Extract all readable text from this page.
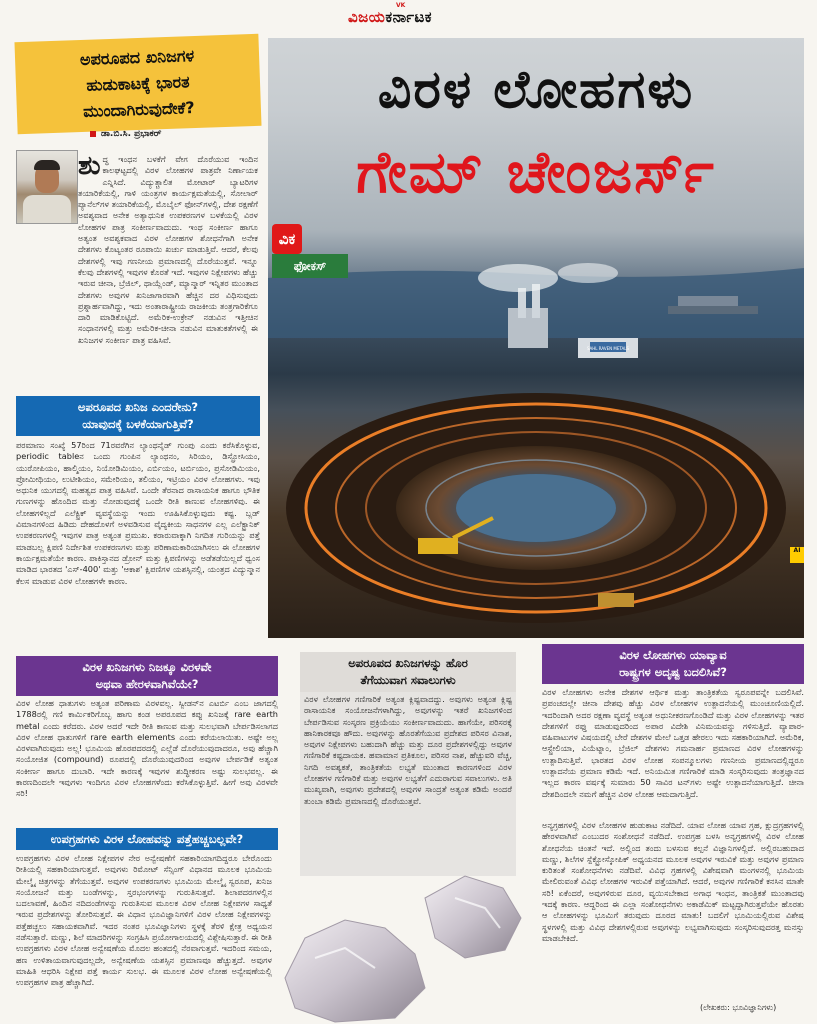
VK
ವಿಜಯಕರ್ನಾಟಕ
ಅಪರೂಪದ ಖನಿಜಗಳ
ಹುಡುಕಾಟಕ್ಕೆ ಭಾರತ
ಮುಂದಾಗಿರುವುದೇಕೆ?
SAHL RAVEN METALS
ವಿರಳ ಲೋಹಗಳು
ಗೇಮ್ ಚೇಂಜರ್ಸ್
AI
ವಿಕ
ಫೋಕಸ್
ಡಾ.ಬಿ.ಸಿ. ಪ್ರಭಾಕರ್

ಶುದ್ಧ ಇಂಧನ ಬಳಕೆಗೆ ವೇಗ ದೊರೆಯುವ ಇಂದಿನ ಕಾಲಘಟ್ಟದಲ್ಲಿ ವಿರಳ ಲೋಹಗಳ ಪಾತ್ರವೇ ನಿರ್ಣಾಯಕ ಎನ್ನಿಸಿದೆ. ವಿದ್ಯುತ್ಚಾಲಿತ ಮೋಟಾರ್ ಬ್ಯಾಟರಿಗಳ ತಯಾರಿಕೆಯಲ್ಲಿ, ಗಾಳಿ ಯಂತ್ರಗಳ ಕಾರ್ಯಕ್ಷಮತೆಯಲ್ಲಿ, ಸೋಲಾರ್ ಪ್ಯಾನೆಲ್‌ಗಳ ತಯಾರಿಕೆಯಲ್ಲಿ, ಮೊಬೈಲ್ ಫೋನ್‌ಗಳಲ್ಲಿ, ದೇಶ ರಕ್ಷಣೆಗೆ ಅವಶ್ಯವಾದ ಅನೇಕ ಅತ್ಯಾಧುನಿಕ ಉಪಕರಣಗಳ ಬಳಕೆಯಲ್ಲಿ ವಿರಳ ಲೋಹಗಳ ಪಾತ್ರ ಸಂಕೀರ್ಣವಾದುದು. ಇಂಥ ಸಂಕೀರ್ಣ ಹಾಗೂ ಅತ್ಯಂತ ಅವಶ್ಯಕವಾದ ವಿರಳ ಲೋಹಗಳ ಶೋಧನೆಗಾಗಿ ಅನೇಕ ದೇಶಗಳು ಕೊಟ್ಯಂತರ ರೂಪಾಯಿ ಖರ್ಚು ಮಾಡುತ್ತಿವೆ. ಆದರೆ, ಕೆಲವು ದೇಶಗಳಲ್ಲಿ ಇವು ಗಣನೀಯ ಪ್ರಮಾಣದಲ್ಲಿ ದೊರೆಯುತ್ತವೆ. ಇನ್ನೂ ಕೆಲವು ದೇಶಗಳಲ್ಲಿ ಇವುಗಳ ಕೊರತೆ ಇದೆ. ಇವುಗಳ ನಿಕ್ಷೇಪಗಳು ಹೆಚ್ಚು ಇರುವ ಚೀನಾ, ಬ್ರೆಜಿಲ್, ಥಾಯ್ಲೆಂಡ್, ಮ್ಯಾನ್ಮಾರ್ ಇನ್ನಿತರ ಮುಂತಾದ ದೇಶಗಳು ಅವುಗಳ ಖನಿಜಾಗಾರವಾಗಿ ಹೆಚ್ಚಿನ ದರ ವಿಧಿಸುವುದು ಪ್ರಶ್ನಾರ್ಹವಾಗಿದ್ದು, ಇದು ಅಂತಾರಾಷ್ಟ್ರೀಯ ರಾಜಕೀಯ ತಂತ್ರಗಾರಿಕೆಗೂ ದಾರಿ ಮಾಡಿಕೊಟ್ಟಿದೆ. ಅಮೆರಿಕ-ಉಕ್ರೇನ್ ನಡುವಿನ ಇತ್ತೀಚಿನ ಸಂಧಾನಗಳಲ್ಲಿ ಮತ್ತು ಅಮೆರಿಕ-ಚೀನಾ ನಡುವಿನ ಮಾತುಕತೆಗಳಲ್ಲಿ ಈ ಖನಿಜಗಳ ಸಂಕೀರ್ಣ ಪಾತ್ರ ವಹಿಸಿವೆ.

ಅಪರೂಪದ ಖನಿಜ ಎಂದರೇನು?
ಯಾವುದಕ್ಕೆ ಬಳಕೆಯಾಗುತ್ತಿವೆ?

ಪರಮಾಣು ಸಂಖ್ಯೆ 57ರಿಂದ 71ರವರೆಗಿನ ಲ್ಯಾಂಥನೈಡ್ ಗುಂಪು ಎಂದು ಕರೆಸಿಕೊಳ್ಳುವ, periodic tableನ ಒಂದು ಗುಂಪಿನ ಲ್ಯಾಂಥನಂ, ಸಿರಿಯಂ, ಡಿಸ್ಪ್ರೋಸಿಯಂ, ಯುರೋಪಿಯಂ, ಹಾಲ್ಮಿಯಂ, ನಿಯೋಡಿಮಿಯಂ, ಎರ್ಬಿಯಂ, ಟರ್ಬಿಯಂ, ಪ್ರಸೋಡಿಮಿಯಂ, ಪ್ರೋಮೀಥಿಯಂ, ಲುಟೀಶಿಯಂ, ಸಮೇರಿಯಂ, ತಲಿಯಂ, ಇಟ್ರಿಯಂ ವಿರಳ ಲೋಹಗಳು. ಇವು ಅಧುನಿಕ ಯುಗದಲ್ಲಿ ಮಹತ್ವದ ಪಾತ್ರ ವಹಿಸಿವೆ. ಒಂದೇ ತೆರನಾದ ರಾಸಾಯನಿಕ ಹಾಗೂ ಭೌತಿಕ ಗುಣಗಳನ್ನು ಹೊಂದಿದ ಮತ್ತು ನೋಡುವುದಕ್ಕೆ ಒಂದೇ ರೀತಿ ಕಾಣುವ ಲೋಹಗಳಿವು. ಈ ಲೋಹಗಳಿಲ್ಲದೆ ಎಲೆಕ್ಟ್ರಿಕ್ ವ್ಯವಸ್ಥೆಯನ್ನು ಇಂದು ಊಹಿಸಿಕೊಳ್ಳುವುದು ಕಷ್ಟ. ಬ್ಲಡ್ ವಿಮಾನಗಳಿಂದ ಹಿಡಿದು ದೇಹದೊಳಗೆ ಅಳವಡಿಸುವ ವೈದ್ಯಕೀಯ ಸಾಧನಗಳ ಎಲ್ಲ ಎಲೆಕ್ಟ್ರಾನಿಕ್ ಉಪಕರಣಗಳಲ್ಲಿ ಇವುಗಳ ಪಾತ್ರ ಅತ್ಯಂತ ಪ್ರಮುಖ. ಕರಾರುವಾಕ್ಕಾಗಿ ನಿಗದಿತ ಗುರಿಯನ್ನು ಪತ್ತೆ ಮಾಡಬಲ್ಲ ಕ್ಷಿಪಣಿ ನಿರ್ದೇಶಿತ ಉಪಕರಣಗಳು ಮತ್ತು ಪರಿಣಾಮಕಾರಿಯಾಗಿಸಲು ಈ ಲೋಹಗಳ ಕಾರ್ಯಕ್ಷಮತೆಯೇ ಕಾರಣ. ಪಾಕಿಸ್ತಾನದ ಡ್ರೋನ್ ಮತ್ತು ಕ್ಷಿಪಣಿಗಳನ್ನು ಅಡೆತಡೆಯಿಲ್ಲದೆ ಧ್ವಂಸ ಮಾಡಿದ ಭಾರತದ 'ಎಸ್-400' ಮತ್ತು 'ಆಕಾಶ' ಕ್ಷಿಪಣಿಗಳ ಯಶಸ್ಸಿನಲ್ಲಿ, ಯಂತ್ರದ ವಿದ್ಯುನ್ಮಾನ ಕೆಲಸ ಮಾಡುವ ವಿರಳ ಲೋಹಗಳೇ ಕಾರಣ.

ವಿರಳ ಖನಿಜಗಳು ನಿಜಕ್ಕೂ ವಿರಳವೇ
ಅಥವಾ ಹೇರಳವಾಗಿವೆಯೇ?

ವಿರಳ ಲೋಹ ಧಾತುಗಳು ಅತ್ಯಂತ ಪರಿಣಾಮ ವಿರಳವಲ್ಲ. ಸ್ವೀಡನ್‌ನ ಎಟರ್ಬಿ ಎಂಬ ಜಾಗದಲ್ಲಿ 1788ರಲ್ಲಿ ಗಣಿ ಕಾರ್ಮಿಕರಿಗೊಬ್ಬ ಹಾಗು ಕಂಡ ಅಪರೂಪದ ಕಪ್ಪು ಖನಿಜಕ್ಕೆ rare earth metal ಎಂದು ಕರೆದರು. ವಿರಳ ಅದರೆ ಇದೇ ರೀತಿ ಕಾಣುವ ಮತ್ತು ಸುಲಭವಾಗಿ ಬೇರ್ಪಡಿಸಲಾಗದ ವಿರಳ ಲೋಹ ಧಾತುಗಳಿಗೆ rare earth elements ಎಂದು ಕರೆಯಲಾಯಿತು. ಅಷ್ಟೇ ಅಲ್ಲ ವಿರಳವಾಗಿರುವುದು ಅಲ್ಲ! ಭೂಮಿಯ ಹೊರಪದರದಲ್ಲಿ ಎಲ್ಲೆಡೆ ದೊರೆಯುವುದಾದರೂ, ಅವು ಹೆಚ್ಚಾಗಿ ಸಂಯೋಜಿತ (compound) ರೂಪದಲ್ಲಿ ದೊರೆಯುವುದರಿಂದ ಅವುಗಳ ಬೇರ್ಪಡಿಕೆ ಅತ್ಯಂತ ಸಂಕೀರ್ಣ ಹಾಗೂ ದುಬಾರಿ. ಇದೇ ಕಾರಣಕ್ಕೆ ಇವುಗಳ ಶುದ್ಧೀಕರಣ ಅಷ್ಟು ಸುಲಭವಲ್ಲ. ಈ ಕಾರಣದಿಂದಲೇ ಇವುಗಳು ಇಂದಿಗೂ ವಿರಳ ಲೋಹಗಳೆಂದು ಕರೆಸಿಕೊಳ್ಳುತ್ತಿವೆ. ಹೀಗೆ ಅವು ವಿರಳವೇ ಸರಿ!

ಉಪಗ್ರಹಗಳು ವಿರಳ ಲೋಹವನ್ನು ಪತ್ತೆಹಚ್ಚಬಲ್ಲವೇ?

ಉಪಗ್ರಹಗಳು ವಿರಳ ಲೋಹ ನಿಕ್ಷೇಪಗಳ ನೇರ ಅನ್ವೇಷಣೆಗೆ ಸಹಕಾರಿಯಾಗದಿದ್ದರೂ ಬೇರೊಂದು ರೀತಿಯಲ್ಲಿ ಸಹಕಾರಿಯಾಗುತ್ತವೆ. ಅವುಗಳು ರಿಮೋಟ್ ಸೆನ್ಸಿಂಗ್ ವಿಧಾನದ ಮೂಲಕ ಭೂಮಿಯ ಮೇಲ್ಮೈ ಚಿತ್ರಗಳನ್ನು ತೆಗೆಯುತ್ತವೆ. ಅವುಗಳ ಉಪಕರಣಗಳು ಭೂಮಿಯ ಮೇಲ್ಮೈ ಸ್ವರೂಪ, ಖನಿಜ ಸಂಯೋಜನೆ ಮತ್ತು ಬಂಡೆಗಳನ್ನು, ಸ್ತರಭಂಗಗಳನ್ನು ಗುರುತಿಸುತ್ತವೆ. ಶಿಲಾಪದರಗಳಲ್ಲಿನ ಬದಲಾವಣೆ, ಹಿಂದಿನ ನದಿದಂಡೆಗಳನ್ನು ಗುರುತಿಸುವ ಮೂಲಕ ವಿರಳ ಲೋಹ ನಿಕ್ಷೇಪಗಳ ಸಾಧ್ಯತೆ ಇರುವ ಪ್ರದೇಶಗಳನ್ನು ತೋರಿಸುತ್ತವೆ. ಈ ವಿಧಾನ ಭೂವಿಜ್ಞಾನಿಗಳಿಗೆ ವಿರಳ ಲೋಹ ನಿಕ್ಷೇಪಗಳನ್ನು ಪತ್ತೆಹಚ್ಚಲು ಸಹಾಯಕವಾಗಿವೆ. ಇದರ ನಂತರ ಭೂವಿಜ್ಞಾನಿಗಳು ಸ್ಥಳಕ್ಕೆ ತೆರಳಿ ಕ್ಷೇತ್ರ ಅಧ್ಯಯನ ನಡೆಸುತ್ತಾರೆ. ಮಣ್ಣು, ಶಿಲೆ ಮಾದರಿಗಳನ್ನು ಸಂಗ್ರಹಿಸಿ ಪ್ರಯೋಗಾಲಯದಲ್ಲಿ ವಿಶ್ಲೇಷಿಸುತ್ತಾರೆ. ಈ ರೀತಿ ಉಪಗ್ರಹಗಳು ವಿರಳ ಲೋಹ ಅನ್ವೇಷಣೆಯ ಮೊದಲ ಹಂತದಲ್ಲಿ ನೆರವಾಗುತ್ತವೆ. ಇದರಿಂದ ಸಮಯ, ಹಣ ಉಳಿತಾಯವಾಗುವುದಲ್ಲದೇ, ಅನ್ವೇಷಣೆಯ ಯಶಸ್ಸಿನ ಪ್ರಮಾಣವೂ ಹೆಚ್ಚುತ್ತದೆ. ಅವುಗಳ ಮಾಹಿತಿ ಆಧರಿಸಿ ನಿಕ್ಷೇಪ ಪತ್ತೆ ಕಾರ್ಯ ಸುಲಭ. ಈ ಮೂಲಕ ವಿರಳ ಲೋಹ ಅನ್ವೇಷಣೆಯಲ್ಲಿ ಉಪಗ್ರಹಗಳ ಪಾತ್ರ ಹೆಚ್ಚಾಗಿದೆ.

ಅಪರೂಪದ ಖನಿಜಗಳನ್ನು ಹೊರ
ತೆಗೆಯುವಾಗ ಸವಾಲುಗಳು

ವಿರಳ ಲೋಹಗಳ ಗಣಿಗಾರಿಕೆ ಅತ್ಯಂತ ಕ್ಲಿಷ್ಟವಾದದ್ದು. ಅವುಗಳು ಅತ್ಯಂತ ಕ್ಲಿಷ್ಟ ರಾಸಾಯನಿಕ ಸಂಯೋಜನೆಗಳಾಗಿದ್ದು, ಅವುಗಳನ್ನು ಇತರೆ ಖನಿಜಗಳಿಂದ ಬೇರ್ಪಡಿಸುವ ಸಂಸ್ಕರಣ ಪ್ರಕ್ರಿಯೆಯು ಸಂಕೀರ್ಣವಾದುದು. ಹಾಗೆಯೇ, ಪರಿಸರಕ್ಕೆ ಹಾನಿಕಾರಕವೂ ಹೌದು. ಅವುಗಳನ್ನು ಹೊರತೆಗೆಯುವ ಪ್ರದೇಶದ ಪರಿಸರ ವಿನಾಶ, ಅವುಗಳ ನಿಕ್ಷೇಪಗಳು ಬಹುದಾಗಿ ಹೆಚ್ಚು ಮತ್ತು ದೂರ ಪ್ರದೇಶಗಳಲ್ಲಿದ್ದು ಅವುಗಳ ಗಣಿಗಾರಿಕೆ ಕಷ್ಟದಾಯಕ. ಹವಾಮಾನ ಪ್ರತಿಕೂಲ, ಪರಿಸರ ನಾಶ, ಹೆಚ್ಚುವರಿ ವೆಚ್ಚ, ನಿಗದಿ ಅವಶ್ಯಕತೆ, ತಾಂತ್ರಿಕತೆಯ ಲಭ್ಯತೆ ಮುಂತಾದ ಕಾರಣಗಳಿಂದ ವಿರಳ ಲೋಹಗಳ ಗಣಿಗಾರಿಕೆ ಮತ್ತು ಅವುಗಳ ಲಭ್ಯತೆಗೆ ಎದುರಾಗುವ ಸವಾಲುಗಳು. ಅತಿ ಮುಖ್ಯವಾಗಿ, ಅವುಗಳು ಪ್ರದೇಶದಲ್ಲಿ ಅವುಗಳ ಸಾಂದ್ರತೆ ಅತ್ಯಂತ ಕಡಿಮೆ ಅಂದರೆ ತುಂಬಾ ಕಡಿಮೆ ಪ್ರಮಾಣದಲ್ಲಿ ದೊರೆಯುತ್ತವೆ.

ವಿರಳ ಲೋಹಗಳು ಯಾವ್ಯಾವ
ರಾಷ್ಟ್ರಗಳ ಅದೃಷ್ಟ ಬದಲಿಸಿವೆ?

ವಿರಳ ಲೋಹಗಳು ಅನೇಕ ದೇಶಗಳ ಆರ್ಥಿಕ ಮತ್ತು ತಾಂತ್ರಿಕತೆಯ ಸ್ವರೂಪವನ್ನೇ ಬದಲಿಸಿವೆ. ಪ್ರಪಂಚದಲ್ಲೇ ಚೀನಾ ದೇಶವು ಹೆಚ್ಚು ವಿರಳ ಲೋಹಗಳ ಉತ್ಪಾದನೆಯಲ್ಲಿ ಮುಂಚೂಣಿಯಲ್ಲಿದೆ. ಇದರಿಂದಾಗಿ ಅದರ ರಕ್ಷಣಾ ವ್ಯವಸ್ಥೆ ಅತ್ಯಂತ ಅಧುನೀಕರಣಗೊಂಡಿದೆ ಮತ್ತು ವಿರಳ ಲೋಹಗಳನ್ನು ಇತರ ದೇಶಗಳಿಗೆ ರಫ್ತು ಮಾಡುವುದರಿಂದ ಅಪಾರ ವಿದೇಶಿ ವಿನಿಮಯವನ್ನು ಗಳಿಸುತ್ತಿದೆ. ವ್ಯಾಪಾರ- ವಹಿವಾಟುಗಳ ವಿಷಯದಲ್ಲಿ ಬೇರೆ ದೇಶಗಳ ಮೇಲೆ ಒತ್ತಡ ಹೇರಲು ಇದು ಸಹಕಾರಿಯಾಗಿದೆ. ಅಮೆರಿಕ, ಆಸ್ಟ್ರೇಲಿಯಾ, ವಿಯೆಟ್ನಾಂ, ಬ್ರೆಜಿಲ್ ದೇಶಗಳು ಗಮನಾರ್ಹ ಪ್ರಮಾಣದ ವಿರಳ ಲೋಹಗಳನ್ನು ಉತ್ಪಾದಿಸುತ್ತಿವೆ. ಭಾರತದ ವಿರಳ ಲೋಹ ಸಂಪನ್ಮೂಲಗಳು ಗಣನೀಯ ಪ್ರಮಾಣದಲ್ಲಿದ್ದರೂ ಉತ್ಪಾದನೆಯ ಪ್ರಮಾಣ ಕಡಿಮೆ ಇದೆ. ಅನಿಯಮಿತ ಗಣಿಗಾರಿಕೆ ಮಾಡಿ ಸಂಸ್ಕರಿಸುವುದು ತಂತ್ರಜ್ಞಾನದ ಇಲ್ಲದ ಕಾರಣ ವರ್ಷಕ್ಕೆ ಸುಮಾರು 50 ಸಾವಿರ ಟನ್‌ಗಳು ಅಷ್ಟೇ ಉತ್ಪಾದನೆಯಾಗುತ್ತಿದೆ. ಚೀನಾ ದೇಶದಿಂದಲೇ ನಮಗೆ ಹೆಚ್ಚಿನ ವಿರಳ ಲೋಹ ಆಮದಾಗುತ್ತಿದೆ.

ಅನ್ಯಗ್ರಹಗಳಲ್ಲಿ ವಿರಳ ಲೋಹಗಳ ಹುಡುಕಾಟ ನಡೆದಿದೆ. ಯಾವ ಲೋಹ ಯಾವ ಗ್ರಹ, ಕ್ಷುದ್ರಗ್ರಹಗಳಲ್ಲಿ ಹೇರಳವಾಗಿವೆ ಎಂಬುದರ ಸಂಶೋಧನೆ ನಡೆದಿದೆ. ಉಪಗ್ರಹ ಬಳಸಿ ಅನ್ಯಗ್ರಹಗಳಲ್ಲಿ ವಿರಳ ಲೋಹ ಶೋಧನೆಯ ಚಿಂತನೆ ಇದೆ. ಅಲ್ಲಿಂದ ತಂದು ಬಳಸುವ ಕಲ್ಪನೆ ವಿಜ್ಞಾನಿಗಳಲ್ಲಿದೆ. ಅಲ್ಲಿರಬಹುದಾದ ಮಣ್ಣು, ಶಿಲೆಗಳ ಸ್ಪೆಕ್ಟ್ರೋಸ್ಕೋಪಿಕ್ ಅಧ್ಯಯನದ ಮೂಲಕ ಅವುಗಳ ಇರುವಿಕೆ ಮತ್ತು ಅವುಗಳ ಪ್ರಮಾಣ ಕುರಿತಂತೆ ಸಂಶೋಧನೆಗಳು ನಡೆದಿವೆ. ವಿವಿಧ ಗ್ರಹಗಳಲ್ಲಿ ವಿಶೇಷವಾಗಿ ಮಂಗಳನಲ್ಲಿ ಭೂಮಿಯ ಮೇಲಿರುವಂತೆ ವಿವಿಧ ಲೋಹಗಳ ಇರುವಿಕೆ ಪತ್ತೆಯಾಗಿದೆ. ಆದರೆ, ಅವುಗಳ ಗಣಿಗಾರಿಕೆ ಕನಸಿನ ಮಾತೇ ಸರಿ! ಏಕೆಂದರೆ, ಅವುಗಳಿರುವ ದೂರ, ವ್ಯಯಿಸಬೇಕಾದ ಅಗಾಧ ಇಂಧನ, ತಾಂತ್ರಿಕತೆ ಮುಂತಾದವು ಇದಕ್ಕೆ ಕಾರಣ. ಆದ್ದರಿಂದ ಈ ಎಲ್ಲಾ ಸಂಶೋಧನೆಗಳು ಅಕಾಡೆಮಿಕ್ ಮಟ್ಟದ್ದಾಗಿರುತ್ತವೆಯೇ ಹೊರತು ಆ ಲೋಹಗಳನ್ನು ಭೂಮಿಗೆ ತರುವುದು ದೂರದ ಮಾತು! ಬದಲಿಗೆ ಭೂಮಿಯಲ್ಲಿರುವ ವಿಶೇಷ ಸ್ಥಳಗಳಲ್ಲಿ ಮತ್ತು ವಿವಿಧ ದೇಶಗಳಲ್ಲಿರುವ ಅವುಗಳನ್ನು ಲಭ್ಯವಾಗಿಸುವುದು ಸಂಸ್ಕರಿಸುವುದರತ್ತ ಮನಸ್ಸು ಮಾಡಬೇಕಿದೆ.

(ಲೇಖಕರು: ಭೂವಿಜ್ಞಾನಿಗಳು)
